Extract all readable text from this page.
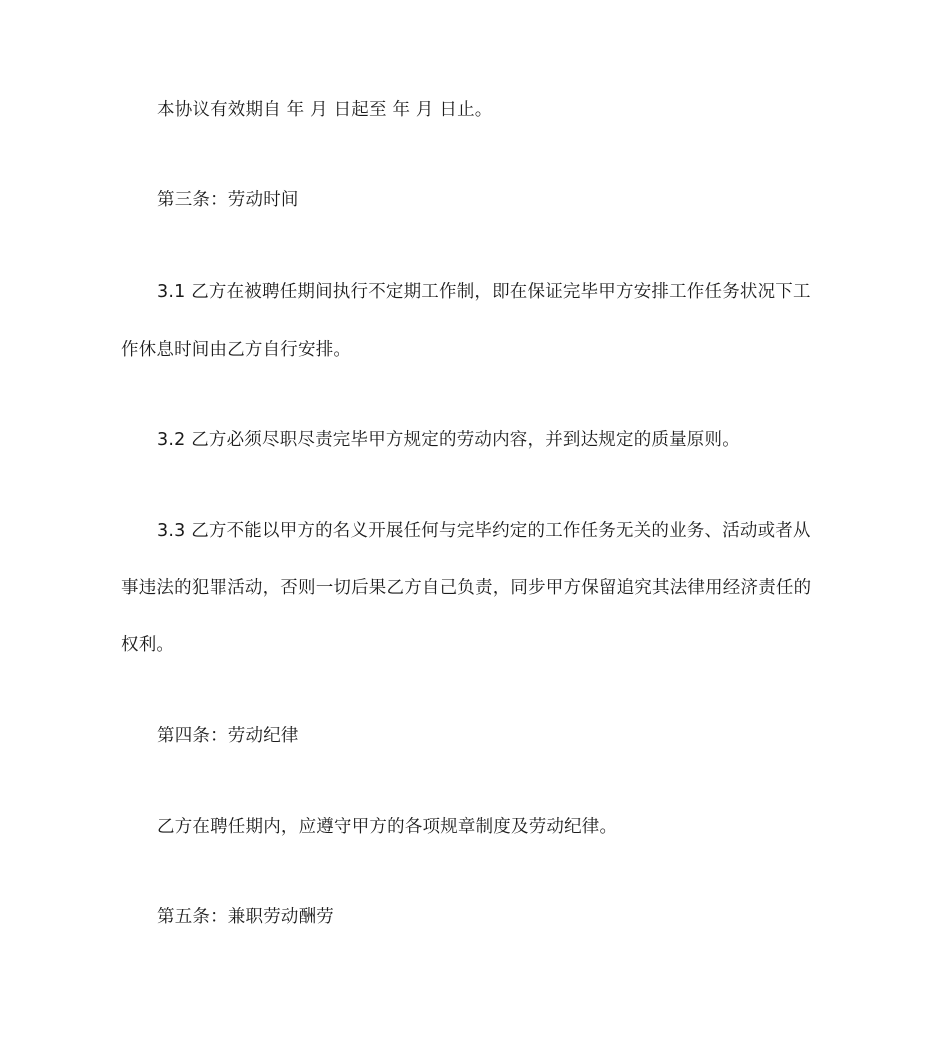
本协议有效期自 年 月 日起至 年 月 日止。
第三条：劳动时间
3.1 乙方在被聘任期间执行不定期工作制，即在保证完毕甲方安排工作任务状况下工
作休息时间由乙方自行安排。
3.2 乙方必须尽职尽责完毕甲方规定的劳动内容，并到达规定的质量原则。
3.3 乙方不能以甲方的名义开展任何与完毕约定的工作任务无关的业务、活动或者从
事违法的犯罪活动，否则一切后果乙方自己负责，同步甲方保留追究其法律用经济责任的
权利。
第四条：劳动纪律
乙方在聘任期内，应遵守甲方的各项规章制度及劳动纪律。
第五条：兼职劳动酬劳
